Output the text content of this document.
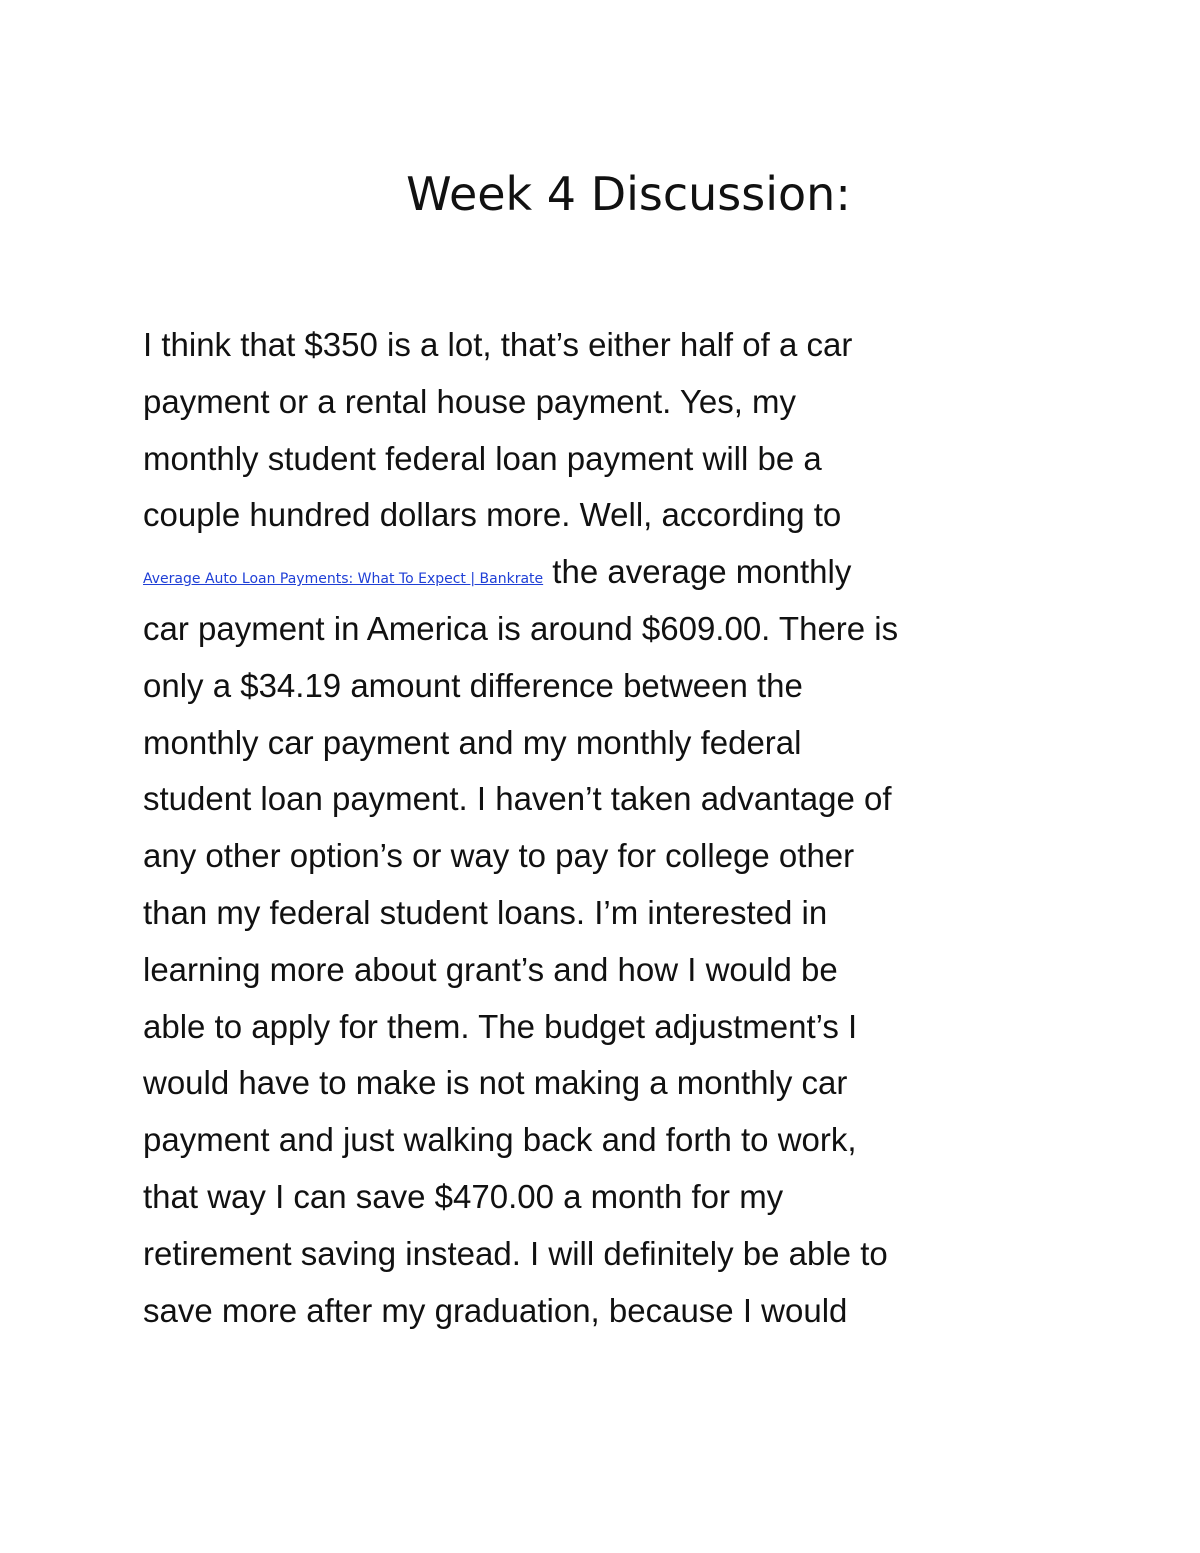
Week 4 Discussion:
I think that $350 is a lot, that’s either half of a car
payment or a rental house payment. Yes, my
monthly student federal loan payment will be a
couple hundred dollars more. Well, according to
Average Auto Loan Payments: What To Expect | Bankrate the average monthly
car payment in America is around $609.00. There is
only a $34.19 amount difference between the
monthly car payment and my monthly federal
student loan payment. I haven’t taken advantage of
any other option’s or way to pay for college other
than my federal student loans. I’m interested in
learning more about grant’s and how I would be
able to apply for them. The budget adjustment’s I
would have to make is not making a monthly car
payment and just walking back and forth to work,
that way I can save $470.00 a month for my
retirement saving instead. I will definitely be able to
save more after my graduation, because I would
